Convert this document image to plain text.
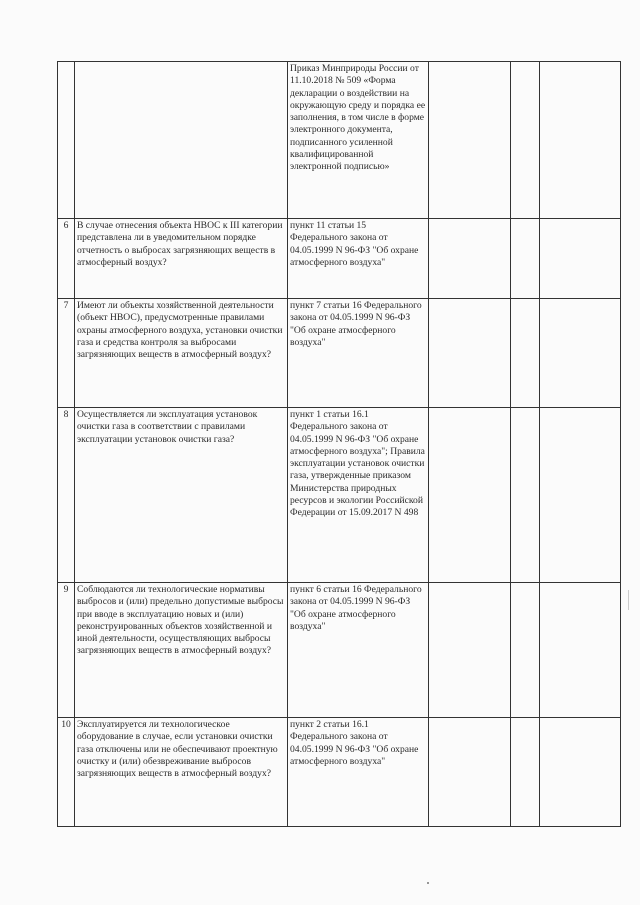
		Приказ Минприроды России от 11.10.2018 № 509 «Форма декларации о воздействии на окружающую среду и порядка ее заполнения, в том числе в форме электронного документа, подписанного усиленной квалифицированной электронной подписью»			
6	В случае отнесения объекта НВОС к III категории представлена ли в уведомительном порядке отчетность о выбросах загрязняющих веществ в атмосферный воздух?	пункт 11 статьи 15 Федерального закона от 04.05.1999 N 96-ФЗ "Об охране атмосферного воздуха"			
7	Имеют ли объекты хозяйственной деятельности (объект НВОС), предусмотренные правилами охраны атмосферного воздуха, установки очистки газа и средства контроля за выбросами загрязняющих веществ в атмосферный воздух?	пункт 7 статьи 16 Федерального закона от 04.05.1999 N 96-ФЗ "Об охране атмосферного воздуха"			
8	Осуществляется ли эксплуатация установок очистки газа в соответствии с правилами эксплуатации установок очистки газа?	пункт 1 статьи 16.1 Федерального закона от 04.05.1999 N 96-ФЗ "Об охране атмосферного воздуха"; Правила эксплуатации установок очистки газа, утвержденные приказом Министерства природных ресурсов и экологии Российской Федерации от 15.09.2017 N 498			
9	Соблюдаются ли технологические нормативы выбросов и (или) предельно допустимые выбросы при вводе в эксплуатацию новых и (или) реконструированных объектов хозяйственной и иной деятельности, осуществляющих выбросы загрязняющих веществ в атмосферный воздух?	пункт 6 статьи 16 Федерального закона от 04.05.1999 N 96-ФЗ "Об охране атмосферного воздуха"			
10	Эксплуатируется ли технологическое оборудование в случае, если установки очистки газа отключены или не обеспечивают проектную очистку и (или) обезвреживание выбросов загрязняющих веществ в атмосферный воздух?	пункт 2 статьи 16.1 Федерального закона от 04.05.1999 N 96-ФЗ "Об охране атмосферного воздуха"			
